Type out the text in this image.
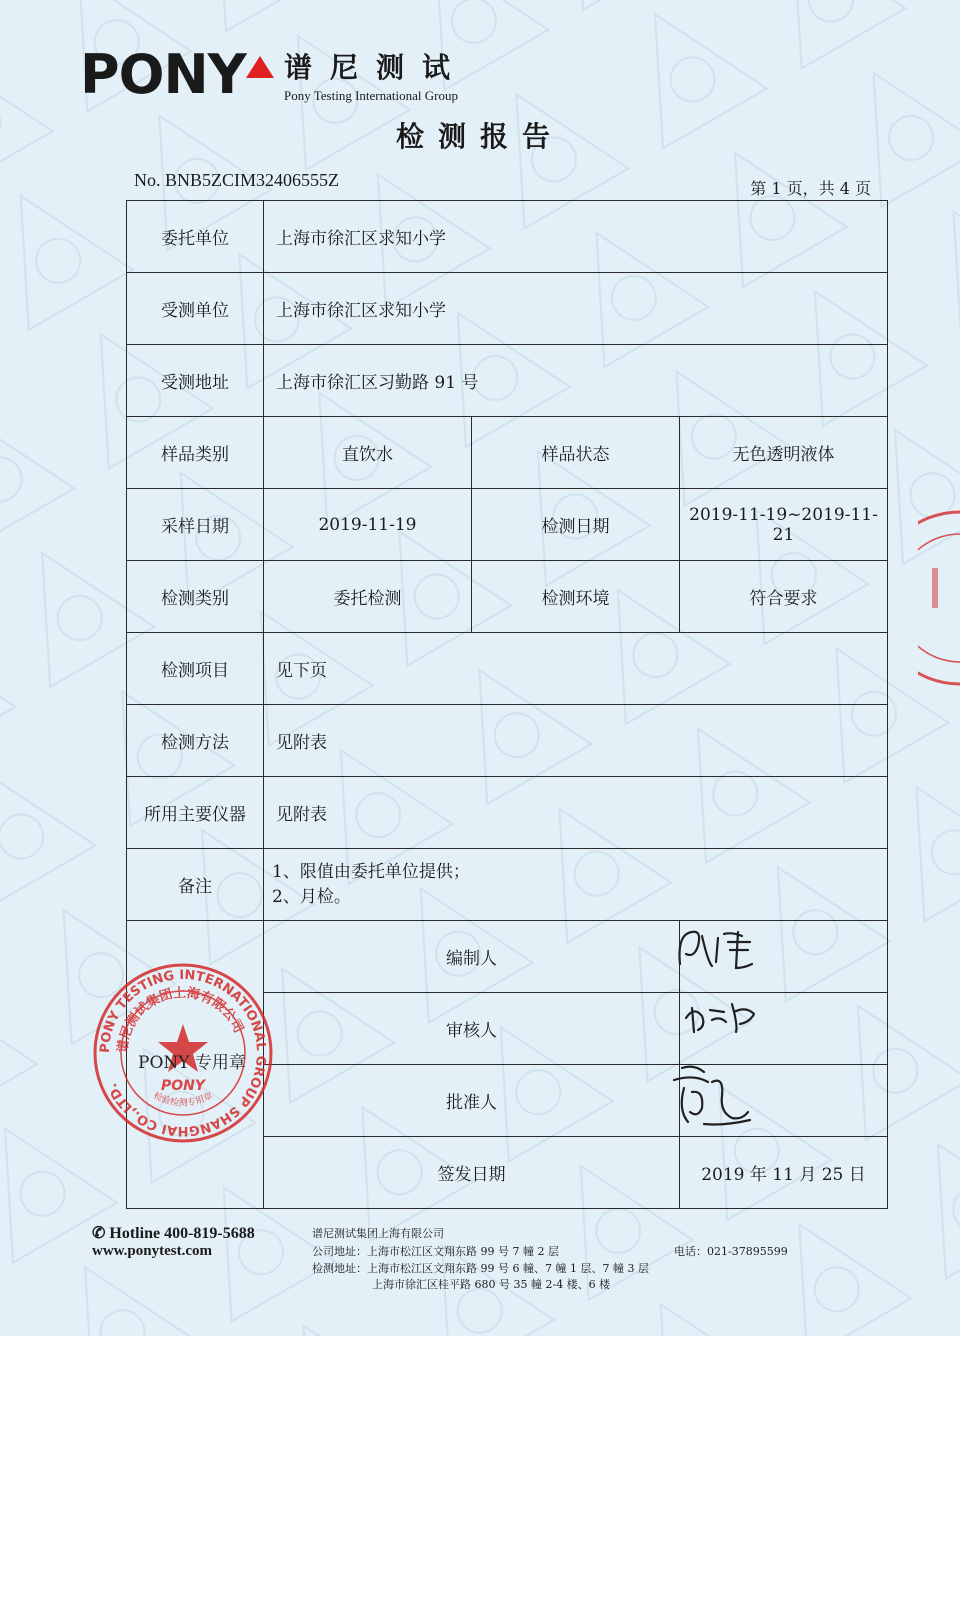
PONY 谱尼测试
Pony Testing International Group
检测报告
No. BNB5ZCIM32406555Z	第 1 页，共 4 页
委托单位	上海市徐汇区求知小学		
受测单位	上海市徐汇区求知小学		
受测地址	上海市徐汇区习勤路 91 号		
样品类别	直饮水	样品状态	无色透明液体
采样日期	2019-11-19	检测日期	2019-11-19~2019-11-21
检测类别	委托检测	检测环境	符合要求
检测项目	见下页		
检测方法	见附表		
所用主要仪器	见附表		
备注	1、限值由委托单位提供；
2、月检。		

	编制人		
	审核人		
	批准人		
	签发日期		2019 年 11 月 25 日
PONY TESTING INTERNATIONAL GROUP SHANGHAI CO.,LTD.
谱尼测试集团上海有限公司
PONY
检验检测专用章
PONY 专用章
✆ Hotline 400-819-5688
www.ponytest.com
谱尼测试集团上海有限公司
公司地址：上海市松江区文翔东路 99 号 7 幢 2 层	电话：021-37895599
检测地址：上海市松江区文翔东路 99 号 6 幢、7 幢 1 层、7 幢 3 层
上海市徐汇区桂平路 680 号 35 幢 2-4 楼、6 楼
